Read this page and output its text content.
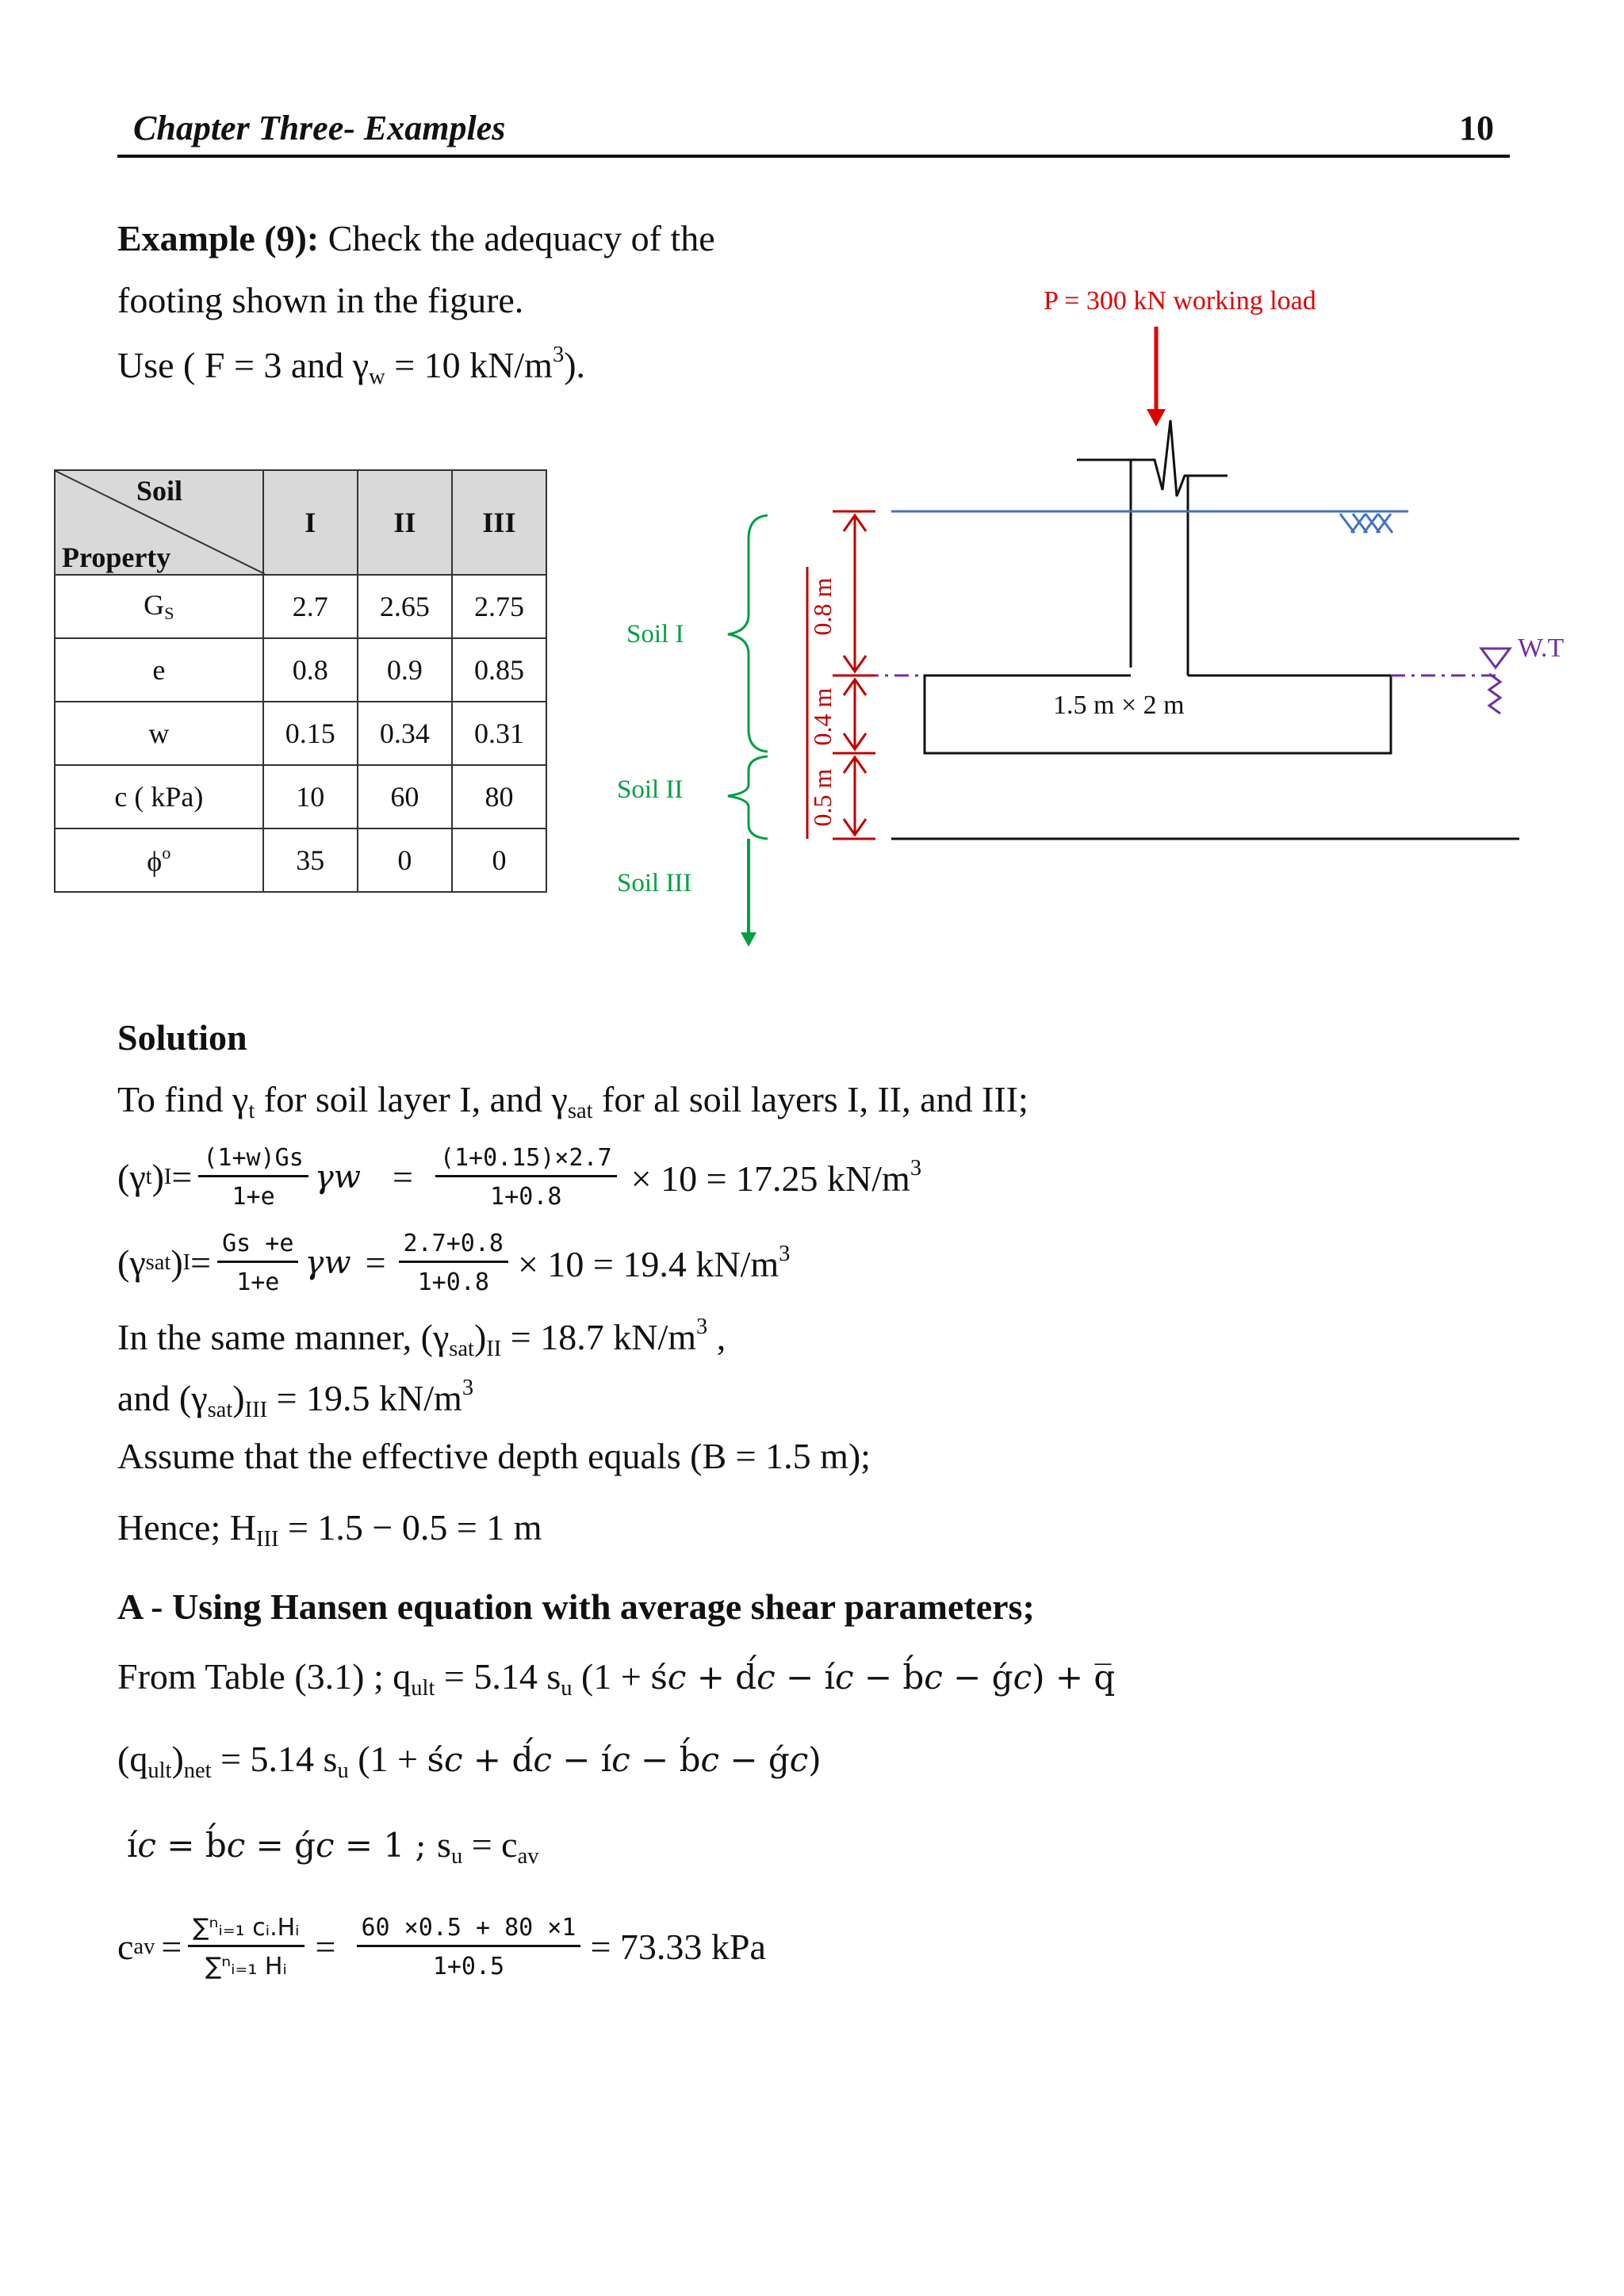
Chapter Three- Examples	10
Example (9): Check the adequacy of the
footing shown in the figure.
Use ( F = 3 and $\gamma_w = 10$ $kN/m^3$).
Soil
Property	I	II	III
$G_S$	2.7	2.65	2.75
e	0.8	0.9	0.85
w	0.15	0.34	0.31
c ( kPa)	10	60	80
$\phi^o$	35	0	0
P = 300 kN working load
1.5 m × 2 m
W.T
0.8 m
0.4 m
0.5 m
Soil I
Soil II
Soil III
Solution
To find $\gamma_t$ for soil layer I, and $\gamma_{sat}$ for al soil layers I, II, and III;
(γ t ) $I = \frac{(1+w)Gs}{1+e}$ $\gamma w = \frac{(1+0.15)\times 2.7}{1+0.8} \times 10 = 17.25$ $kN/m^3$
(γ sat ) $I = \frac{Gs +e}{1+e}$ $\gamma w = \frac{2.7+0.8}{1+0.8} \times 10 = 19.4$ $kN/m^3$
In the same manner, $(\gamma_{sat})_{II} = 18.7$ $kN/m^3$ ,
and $(\gamma_{sat})_{III} = 19.5$ $kN/m^3$
Assume that the effective depth equals (B = 1.5 m);
Hence; $H_{III} = 1.5 - 0.5 = 1$ m
A - Using Hansen equation with average shear parameters;
From Table (3.1) ; $q_{ult} = 5.14$ $s_u$ (1 + ś𝑐 + d́𝑐 − í𝑐 − b́𝑐 − ǵ𝑐) + q̅
$(q_{ult})_{net} = 5.14$ $s_u$ (1 + ś𝑐 + d́𝑐 − í𝑐 − b́𝑐 − ǵ𝑐)
í𝑐 = b́𝑐 = ǵ𝑐 = 1 ; $s_u = c_{av}$
c av = $\frac{\text{∑ⁿᵢ₌₁ cᵢ.Hᵢ}}{\text{∑ⁿᵢ₌₁ Hᵢ}} = \frac{60 \times 0.5 + 80 \times 1}{1+0.5} = 73.33$ kPa
